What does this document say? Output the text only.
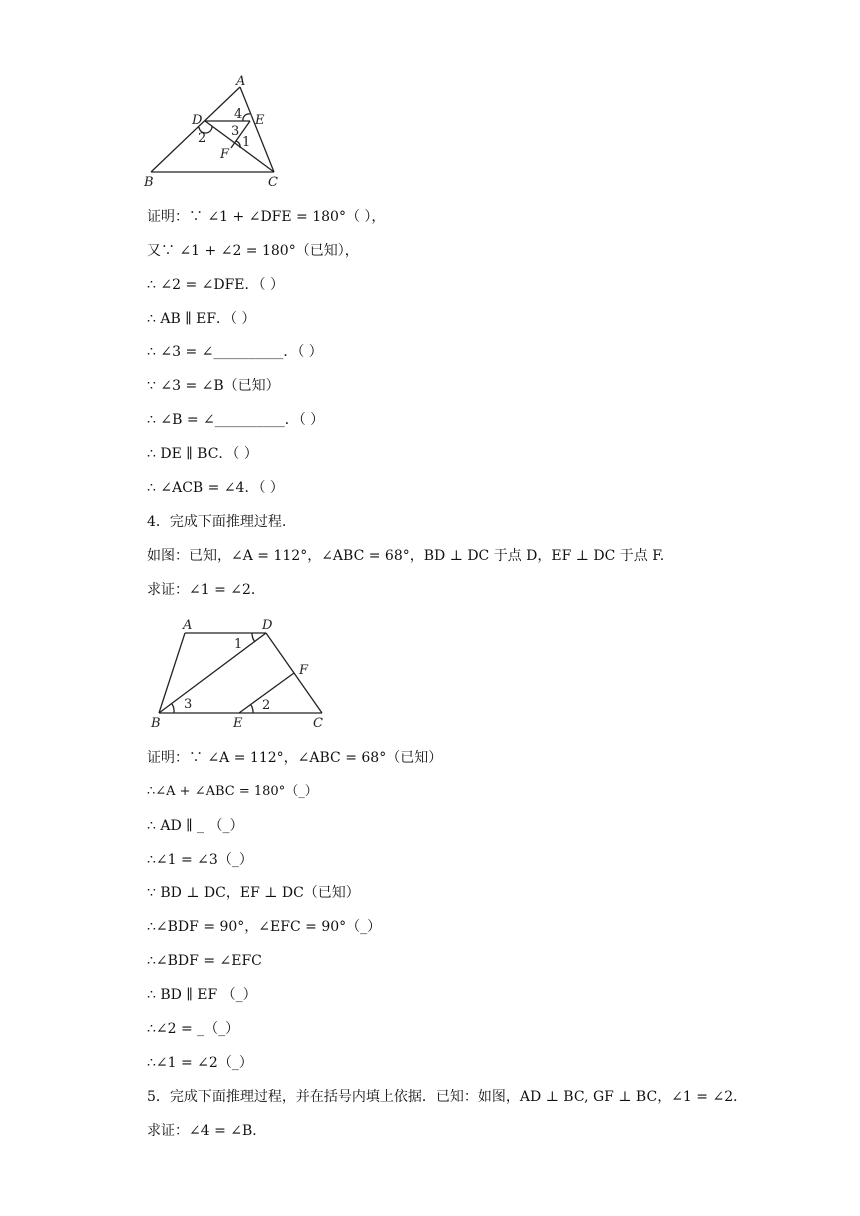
A
D	E
F
B	C
4
3
2	1
证明：∵ ∠1 + ∠DFE = 180°（ ），
又∵ ∠1 + ∠2 = 180°（已知），
∴ ∠2 = ∠DFE．（ ）
∴ AB ∥ EF．（ ）
∴ ∠3 = ∠__________．（ ）
∵ ∠3 = ∠B（已知）
∴ ∠B = ∠__________．（ ）
∴ DE ∥ BC．（ ）
∴ ∠ACB = ∠4．（ ）
4．完成下面推理过程.
如图：已知，∠A = 112°，∠ABC = 68°，BD ⊥ DC 于点 D，EF ⊥ DC 于点 F.
求证：∠1 = ∠2．
A	D
F
B	E	C
1
3	2
证明：∵ ∠A = 112°，∠ABC = 68°（已知）
∴∠A + ∠ABC = 180°（_）
∴ AD ∥ _ （_）
∴∠1 = ∠3（_）
∵ BD ⊥ DC，EF ⊥ DC（已知）
∴∠BDF = 90°，∠EFC = 90°（_）
∴∠BDF = ∠EFC
∴ BD ∥ EF （_）
∴∠2 = _（_）
∴∠1 = ∠2（_）
5．完成下面推理过程，并在括号内填上依据．已知：如图，AD ⊥ BC, GF ⊥ BC，∠1 = ∠2．
求证：∠4 = ∠B．
